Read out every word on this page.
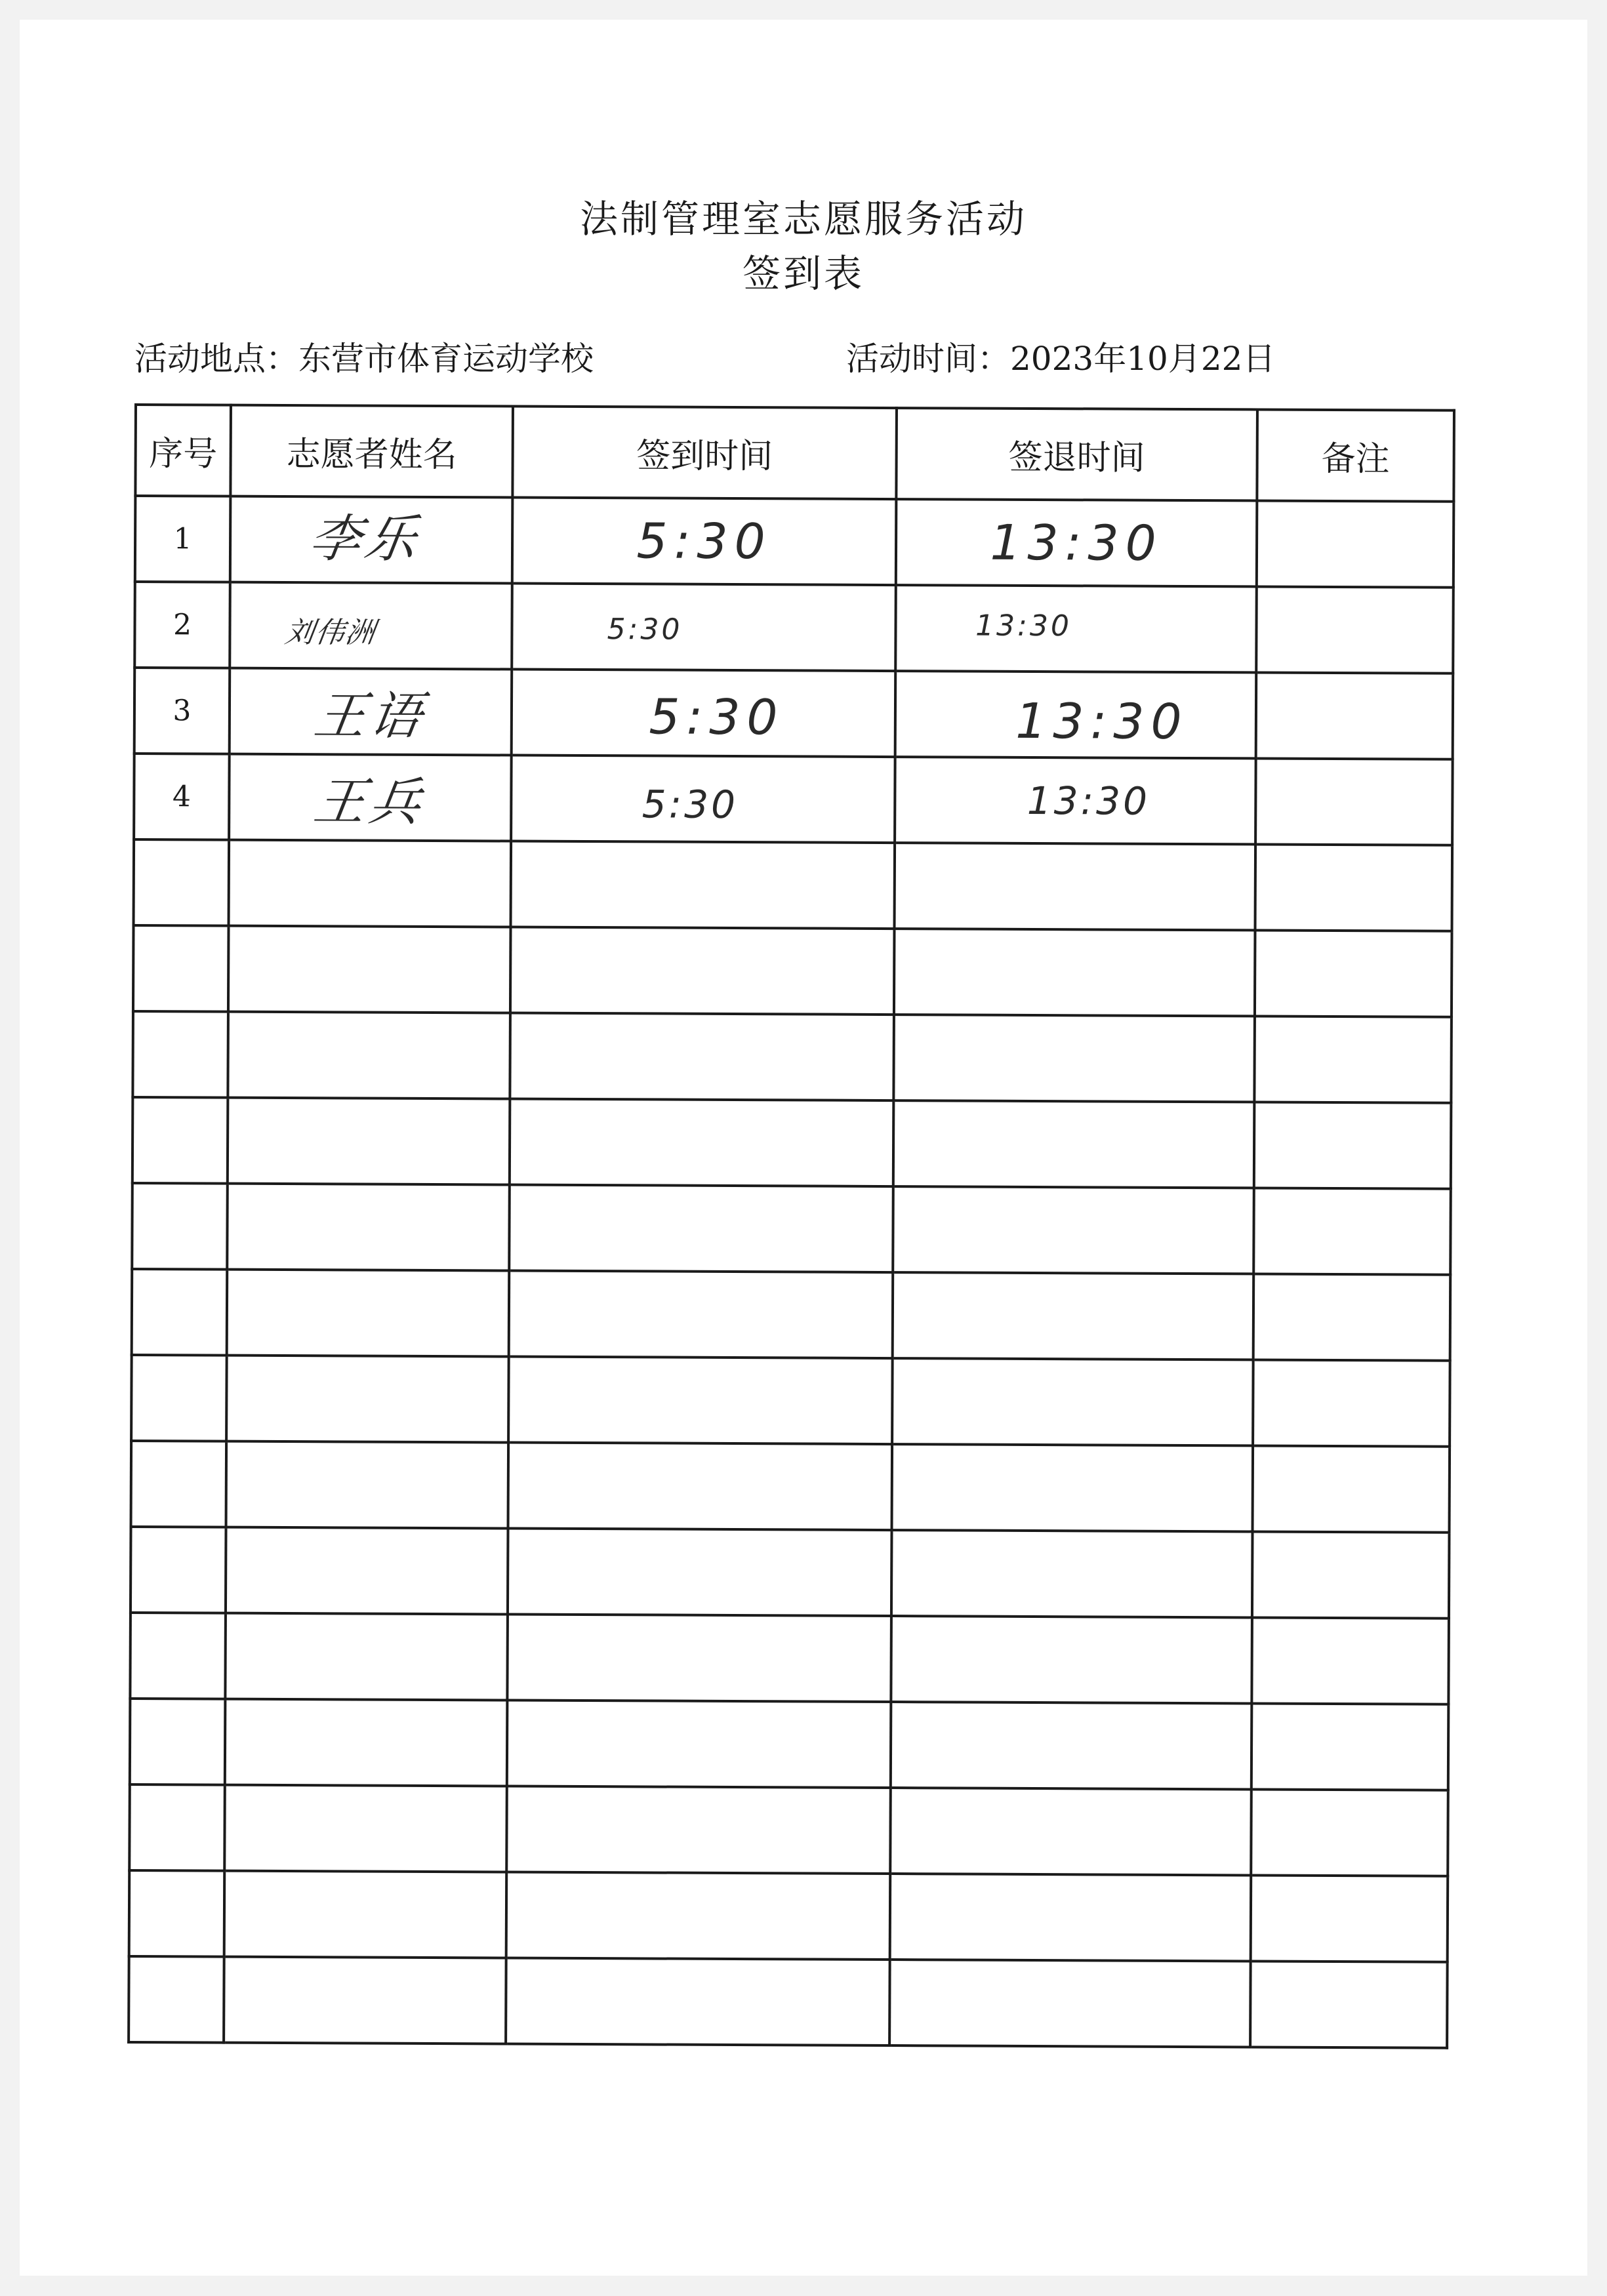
法制管理室志愿服务活动
签到表
活动地点：东营市体育运动学校	活动时间：2023年10月22日
序号	志愿者姓名	签到时间	签退时间	备注
1	李乐	5:30	13:30	
2	刘伟洲	5:30	13:30	
3	王语	5:30	13:30	
4	王兵	5:30	13:30	
